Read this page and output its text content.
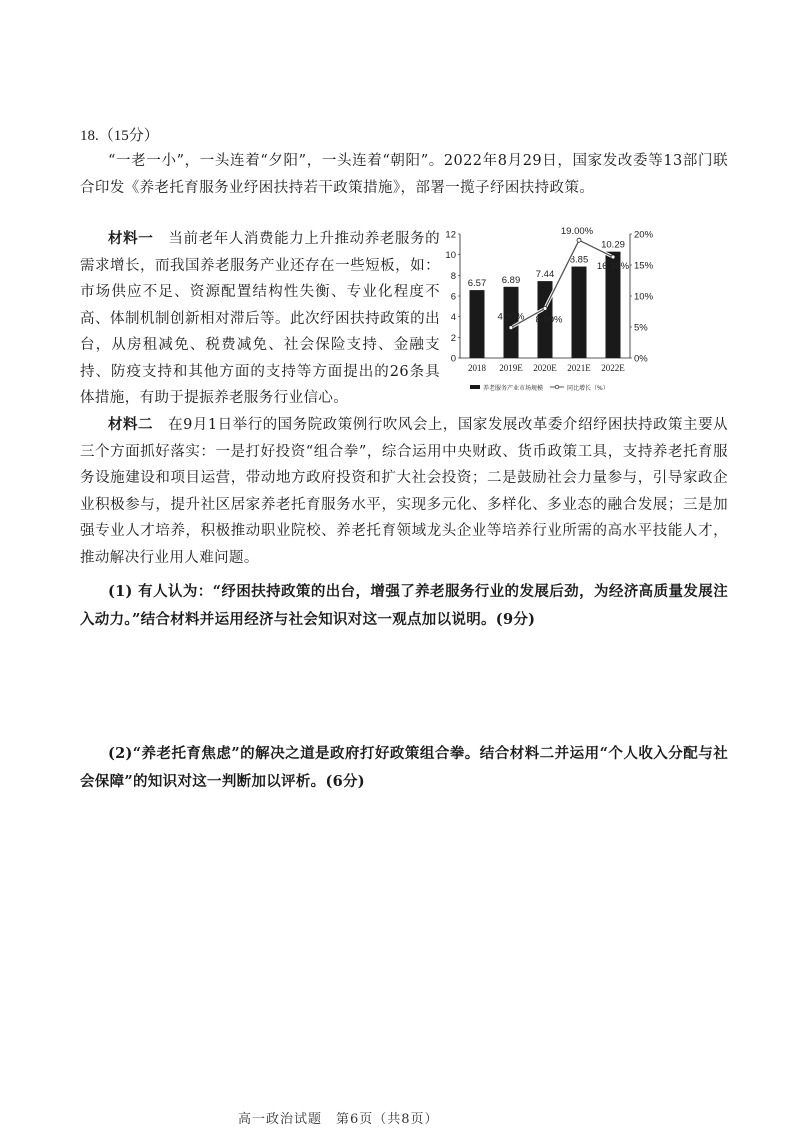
18.（15分）
“一老一小”，一头连着“夕阳”，一头连着“朝阳”。2022年8月29日，国家发改委等13部门联合印发《养老托育服务业纾困扶持若干政策措施》，部署一揽子纾困扶持政策。
材料一　 当前老年人消费能力上升推动养老服务的需求增长，而我国养老服务产业还存在一些短板，如：市场供应不足、资源配置结构性失衡、专业化程度不高、体制机制创新相对滞后等。此次纾困扶持政策的出台，从房租减免、税费减免、社会保险支持、金融支持、防疫支持和其他方面的支持等方面提出的26条具体措施，有助于提振养老服务行业信心。
0
2
4
6
8
10
12
0%
5%
10%
15%
20%
6.57 6.89
7.44
8.85
10.29
2018 2019E 2020E 2021E 2022E
4.90% 8.00%
19.00%
16.30%
养老服务产业市场规模	同比增长（%）
材料二　 在9月1日举行的国务院政策例行吹风会上，国家发展改革委介绍纾困扶持政策主要从三个方面抓好落实：一是打好投资“组合拳”，综合运用中央财政、货币政策工具，支持养老托育服务设施建设和项目运营，带动地方政府投资和扩大社会投资；二是鼓励社会力量参与，引导家政企业积极参与，提升社区居家养老托育服务水平，实现多元化、多样化、多业态的融合发展；三是加强专业人才培养，积极推动职业院校、养老托育领域龙头企业等培养行业所需的高水平技能人才，推动解决行业用人难问题。
(1) 有人认为：“纾困扶持政策的出台，增强了养老服务行业的发展后劲，为经济高质量发展注入动力。”结合材料并运用经济与社会知识对这一观点加以说明。(9分)
(2)“养老托育焦虑”的解决之道是政府打好政策组合拳。结合材料二并运用“个人收入分配与社会保障”的知识对这一判断加以评析。(6分)
高一政治试题　第6页（共8页）
